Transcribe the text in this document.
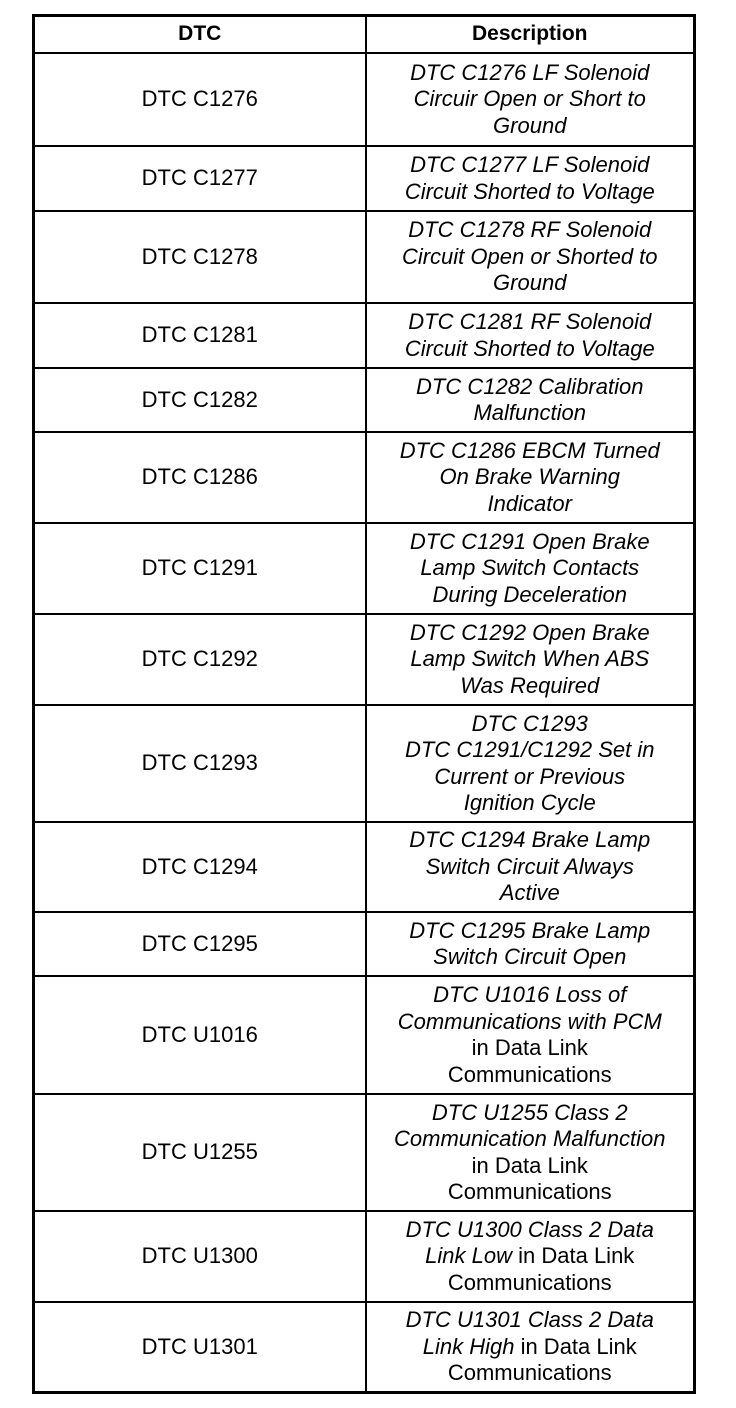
DTC	Description
DTC C1276	DTC C1276 LF Solenoid
Circuir Open or Short to
Ground

DTC C1277	DTC C1277 LF Solenoid
Circuit Shorted to Voltage

DTC C1278	DTC C1278 RF Solenoid
Circuit Open or Shorted to
Ground

DTC C1281	DTC C1281 RF Solenoid
Circuit Shorted to Voltage

DTC C1282	DTC C1282 Calibration
Malfunction

DTC C1286	DTC C1286 EBCM Turned
On Brake Warning
Indicator

DTC C1291	DTC C1291 Open Brake
Lamp Switch Contacts
During Deceleration

DTC C1292	DTC C1292 Open Brake
Lamp Switch When ABS
Was Required

DTC C1293	DTC C1293
DTC C1291/C1292 Set in
Current or Previous
Ignition Cycle

DTC C1294	DTC C1294 Brake Lamp
Switch Circuit Always
Active

DTC C1295	DTC C1295 Brake Lamp
Switch Circuit Open

DTC U1016	DTC U1016 Loss of
Communications with PCM
in Data Link
Communications

DTC U1255	DTC U1255 Class 2
Communication Malfunction
in Data Link
Communications

DTC U1300	DTC U1300 Class 2 Data
Link Low in Data Link
Communications

DTC U1301	DTC U1301 Class 2 Data
Link High in Data Link
Communications
